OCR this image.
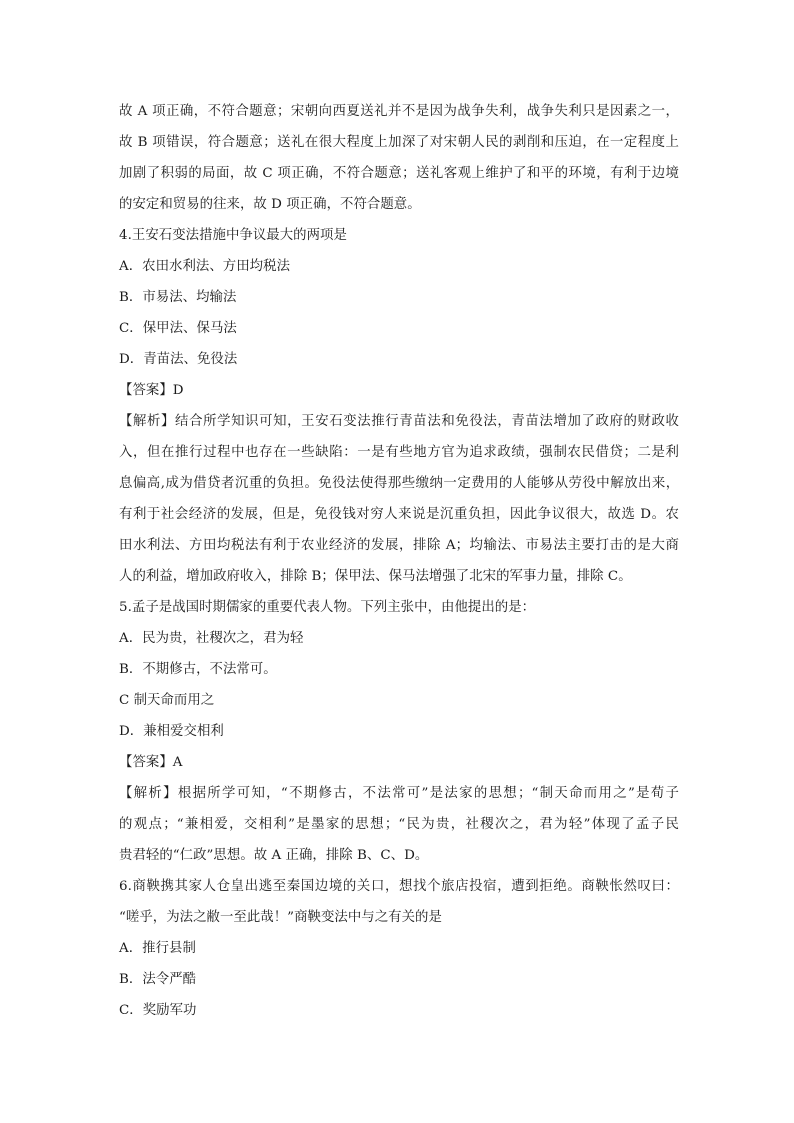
故 A 项正确，不符合题意；宋朝向西夏送礼并不是因为战争失利，战争失利只是因素之一，
故 B 项错误，符合题意；送礼在很大程度上加深了对宋朝人民的剥削和压迫，在一定程度上
加剧了积弱的局面，故 C 项正确，不符合题意；送礼客观上维护了和平的环境，有利于边境
的安定和贸易的往来，故 D 项正确，不符合题意。
4.王安石变法措施中争议最大的两项是
A．农田水利法、方田均税法
B．市易法、均输法
C．保甲法、保马法
D．青苗法、免役法
【答案】D
【解析】结合所学知识可知，王安石变法推行青苗法和免役法，青苗法增加了政府的财政收
入，但在推行过程中也存在一些缺陷：一是有些地方官为追求政绩，强制农民借贷；二是利
息偏高,成为借贷者沉重的负担。免役法使得那些缴纳一定费用的人能够从劳役中解放出来，
有利于社会经济的发展，但是，免役钱对穷人来说是沉重负担，因此争议很大，故选 D。农
田水利法、方田均税法有利于农业经济的发展，排除 A；均输法、市易法主要打击的是大商
人的利益，增加政府收入，排除 B；保甲法、保马法增强了北宋的军事力量，排除 C。
5.孟子是战国时期儒家的重要代表人物。下列主张中，由他提出的是：
A．民为贵，社稷次之，君为轻
B．不期修古，不法常可。
C 制天命而用之
D．兼相爱交相利
【答案】A
【解析】根据所学可知，“不期修古，不法常可”是法家的思想；“制天命而用之”是荀子
的观点；“兼相爱，交相利”是墨家的思想；“民为贵，社稷次之，君为轻”体现了孟子民
贵君轻的“仁政”思想。故 A 正确，排除 B、C、D。
6.商鞅携其家人仓皇出逃至秦国边境的关口，想找个旅店投宿，遭到拒绝。商鞅怅然叹曰：
“嗟乎，为法之敝一至此哉！”商鞅变法中与之有关的是
A．推行县制
B．法令严酷
C．奖励军功
